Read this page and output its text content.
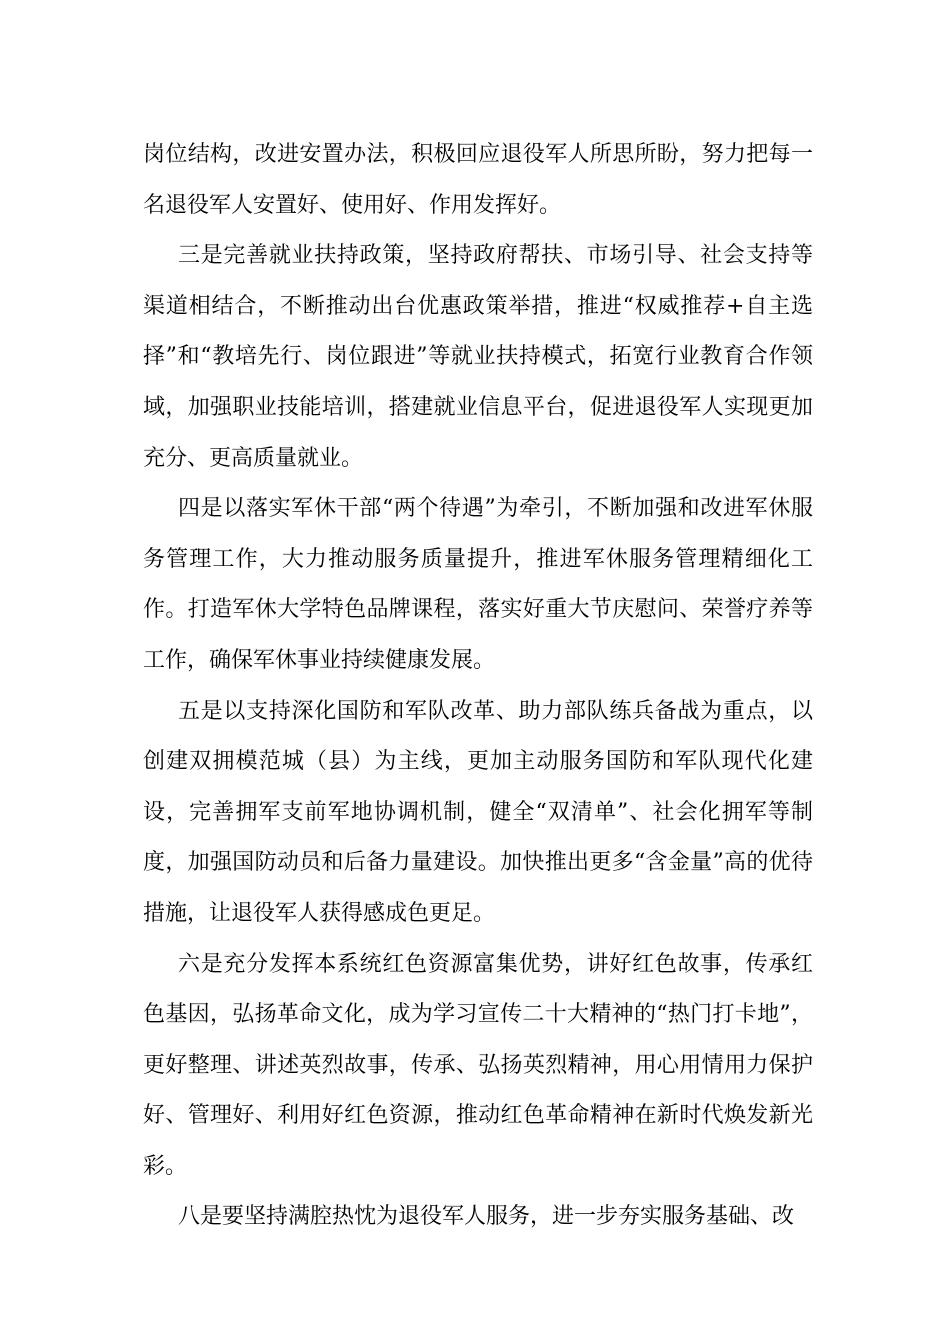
岗位结构，改进安置办法，积极回应退役军人所思所盼，努力把每一名退役军人安置好、使用好、作用发挥好。

三是完善就业扶持政策，坚持政府帮扶、市场引导、社会支持等渠道相结合，不断推动出台优惠政策举措，推进“权威推荐+自主选择”和“教培先行、岗位跟进”等就业扶持模式，拓宽行业教育合作领域，加强职业技能培训，搭建就业信息平台，促进退役军人实现更加充分、更高质量就业。

四是以落实军休干部“两个待遇”为牵引，不断加强和改进军休服务管理工作，大力推动服务质量提升，推进军休服务管理精细化工作。打造军休大学特色品牌课程，落实好重大节庆慰问、荣誉疗养等工作，确保军休事业持续健康发展。

五是以支持深化国防和军队改革、助力部队练兵备战为重点，以创建双拥模范城（县）为主线，更加主动服务国防和军队现代化建设，完善拥军支前军地协调机制，健全“双清单”、社会化拥军等制度，加强国防动员和后备力量建设。加快推出更多“含金量”高的优待措施，让退役军人获得感成色更足。

六是充分发挥本系统红色资源富集优势，讲好红色故事，传承红色基因，弘扬革命文化，成为学习宣传二十大精神的“热门打卡地”，更好整理、讲述英烈故事，传承、弘扬英烈精神，用心用情用力保护好、管理好、利用好红色资源，推动红色革命精神在新时代焕发新光彩。

八是要坚持满腔热忱为退役军人服务，进一步夯实服务基础、改
